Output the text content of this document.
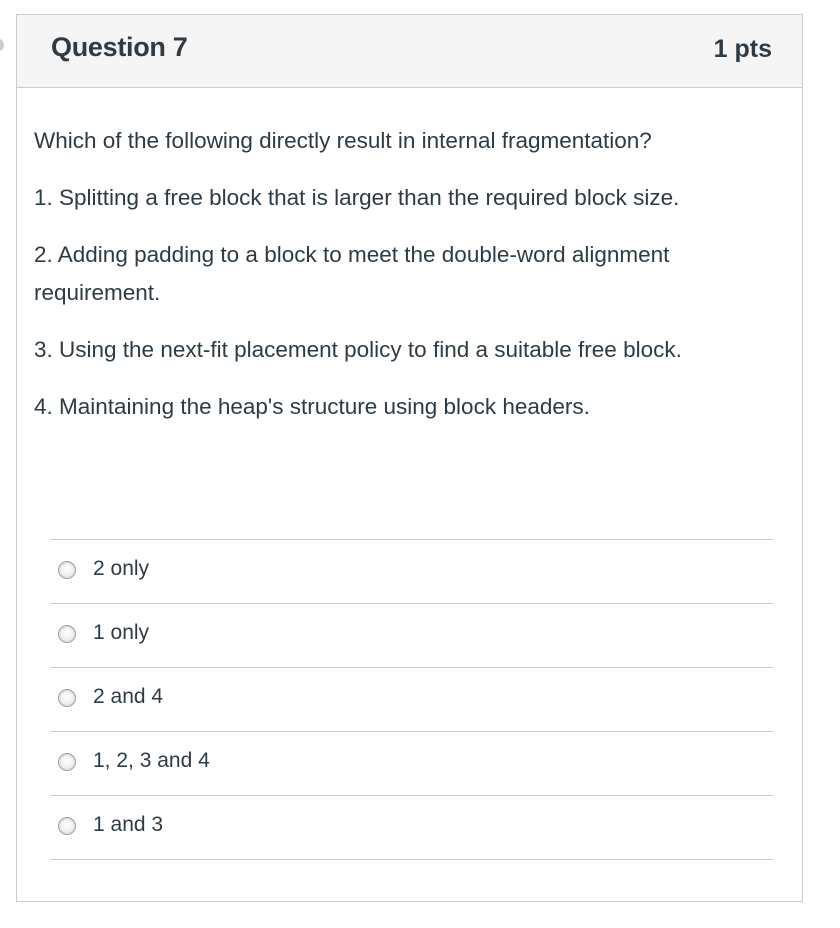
Question 7	1 pts

Which of the following directly result in internal fragmentation?

1. Splitting a free block that is larger than the required block size.

2. Adding padding to a block to meet the double-word alignment requirement.

3. Using the next-fit placement policy to find a suitable free block.

4. Maintaining the heap's structure using block headers.

2 only
1 only
2 and 4
1, 2, 3 and 4
1 and 3
